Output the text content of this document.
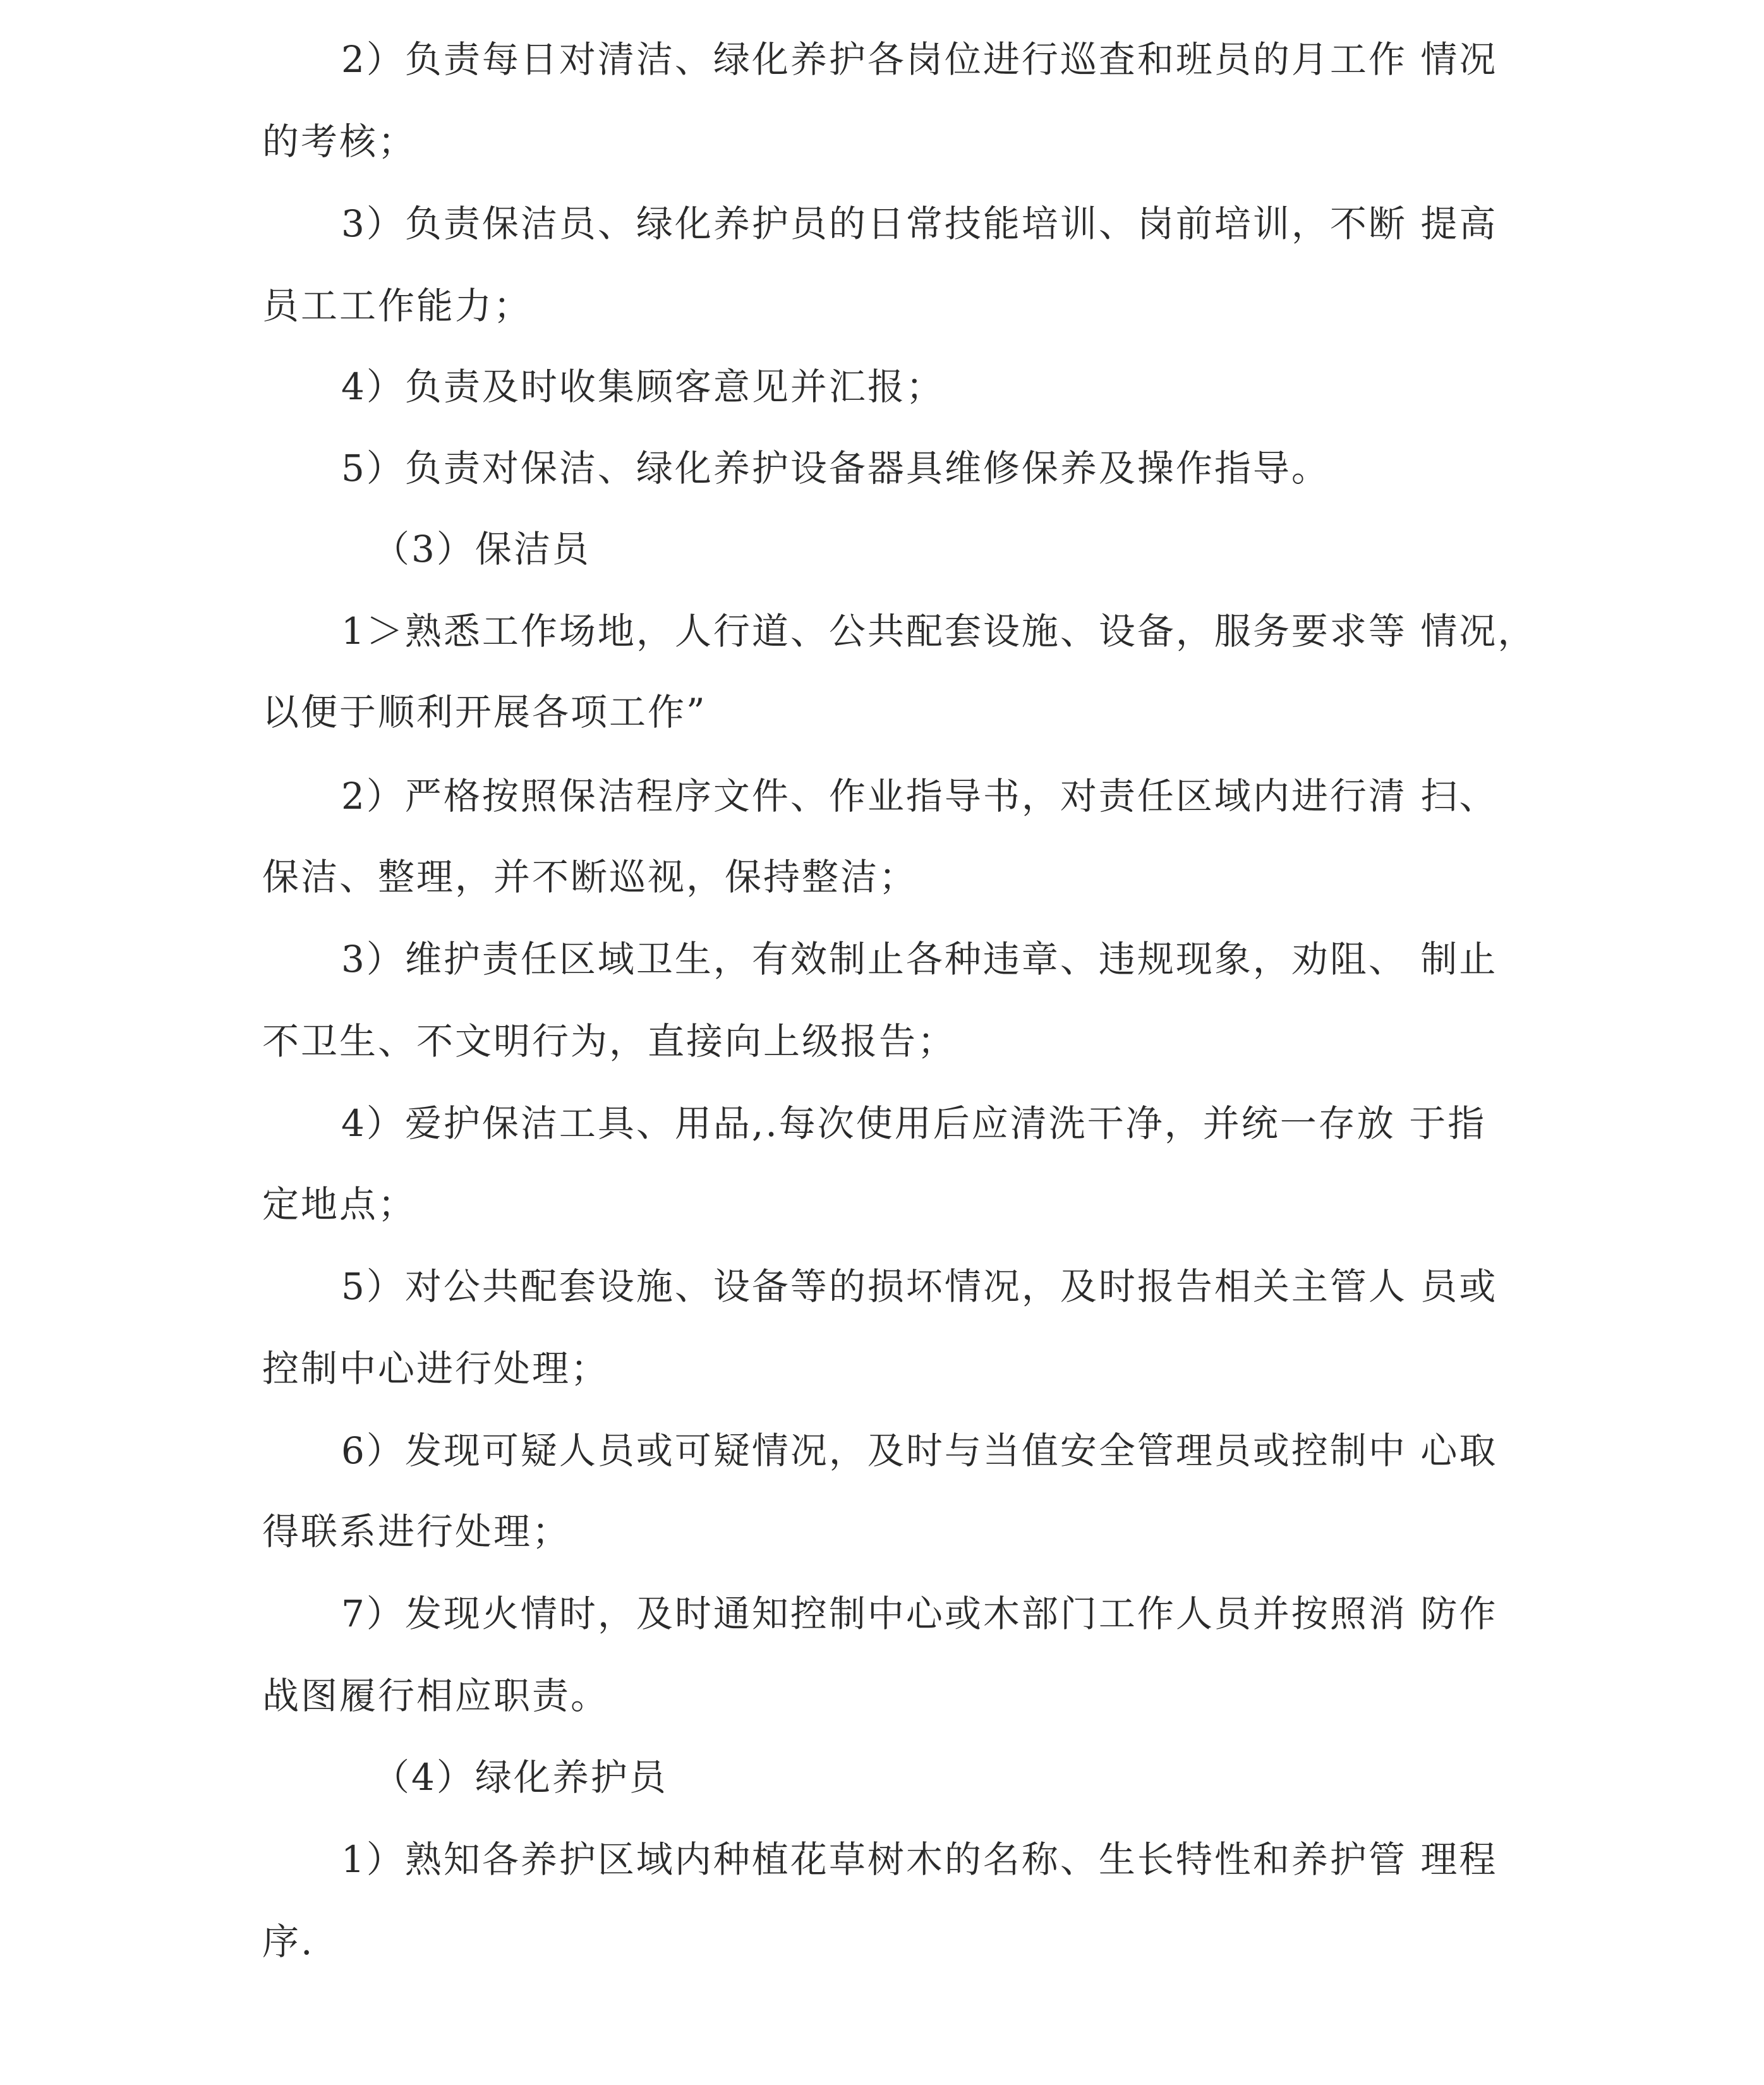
2）负责每日对清洁、绿化养护各岗位进行巡査和班员的月工作 情况

的考核；

3）负责保洁员、绿化养护员的日常技能培训、岗前培训，不断 提高

员工工作能力；

4）负责及时收集顾客意见并汇报；

5）负责对保洁、绿化养护设备器具维修保养及操作指导。

（3）保洁员

1＞熟悉工作场地，人行道、公共配套设施、设备，服务要求等 情况，

以便于顺利开展各项工作”

2）严格按照保洁程序文件、作业指导书，对责任区域内进行清 扫、

保洁、整理，并不断巡视，保持整洁；

3）维护责任区域卫生，有效制止各种违章、违规现象，劝阻、 制止

不卫生、不文明行为，直接向上级报告；

4）爱护保洁工具、用品,.每次使用后应清洗干净，并统一存放 于指

定地点；

5）对公共配套设施、设备等的损坏情况，及时报告相关主管人 员或

控制中心进行处理；

6）发现可疑人员或可疑情况，及时与当值安全管理员或控制中 心取

得联系进行处理；

7）发现火情时，及时通知控制中心或木部门工作人员并按照消 防作

战图履行相应职责。

（4）绿化养护员

1）熟知各养护区域内种植花草树木的名称、生长特性和养护管 理程

序.
